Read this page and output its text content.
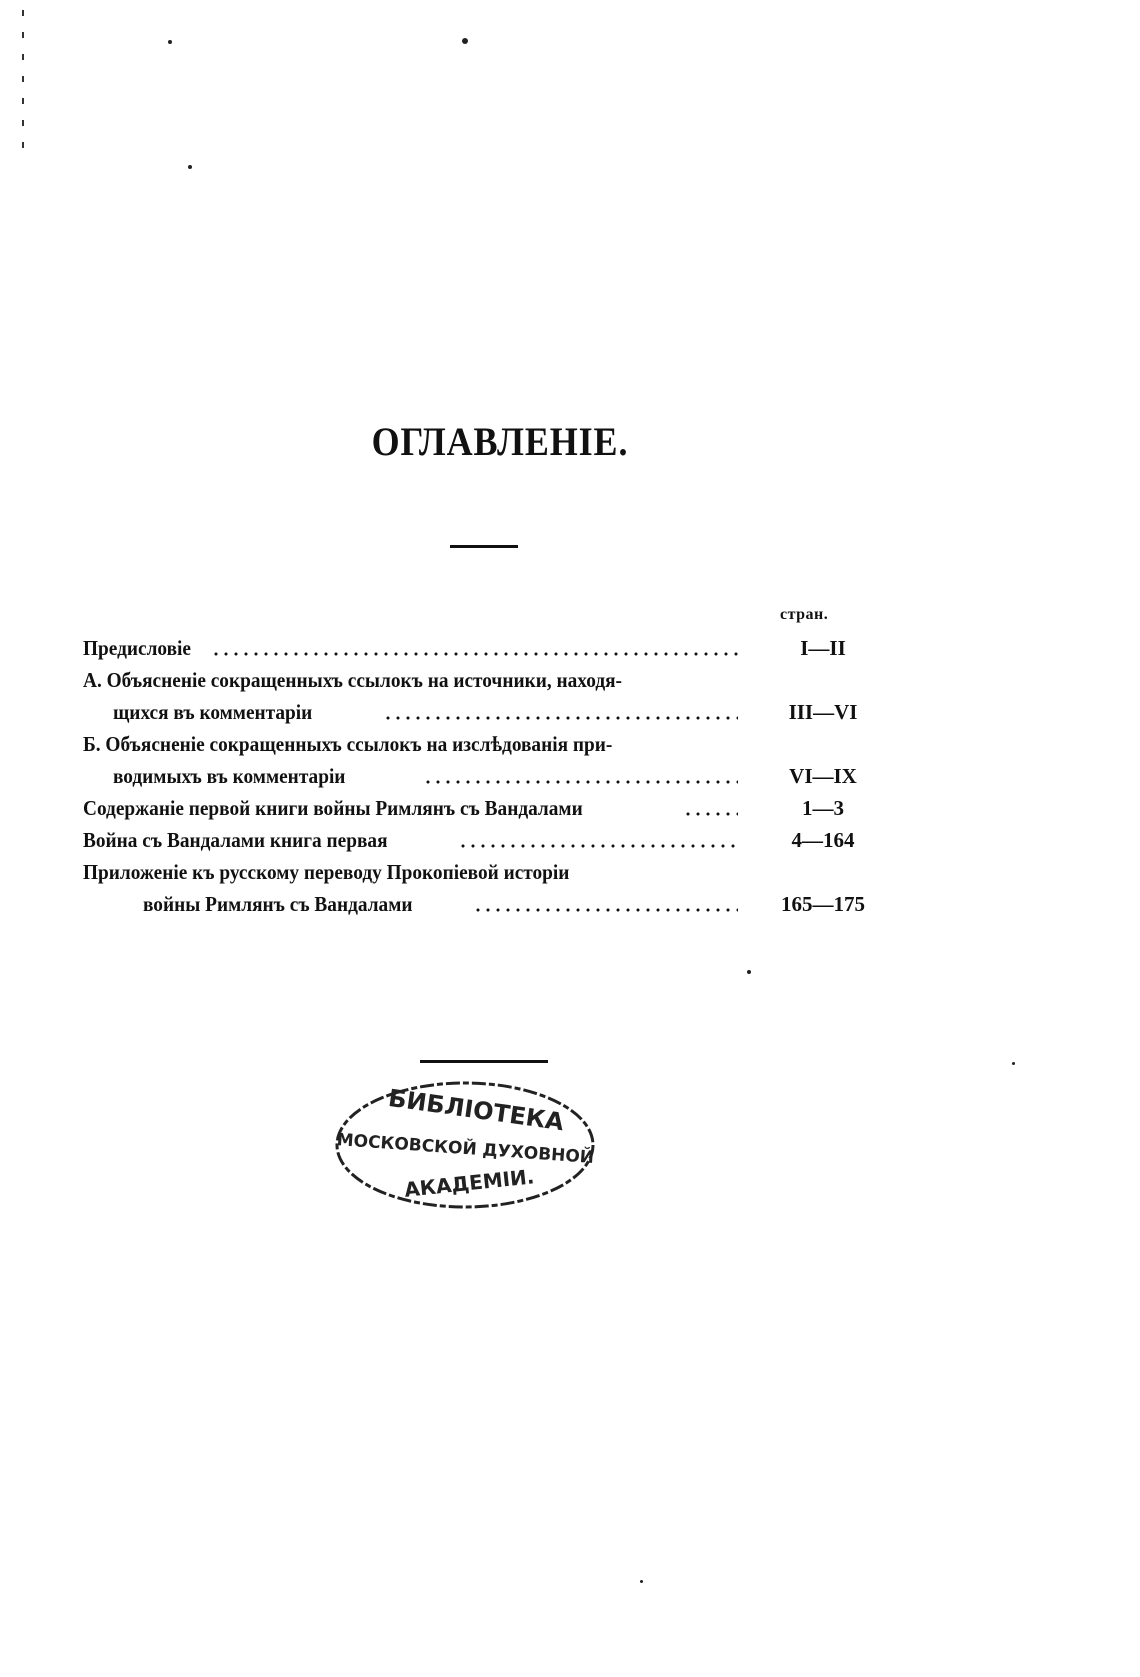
ОГЛАВЛЕНІЕ.
стран.
Предисловіе	I—II
А. Объясненіе сокращенныхъ ссылокъ на источники, находя-
щихся въ комментаріи	III—VI
Б. Объясненіе сокращенныхъ ссылокъ на изслѣдованія при-
водимыхъ въ комментаріи	VI—IX
Содержаніе первой книги войны Римлянъ съ Вандалами	1—3
Война съ Вандалами книга первая	4—164
Приложеніе къ русскому переводу Прокопіевой исторіи
войны Римлянъ съ Вандалами	165—175
БИБЛІОТЕКА
МОСКОВСКОЙ ДУХОВНОЙ
АКАДЕМІИ.
